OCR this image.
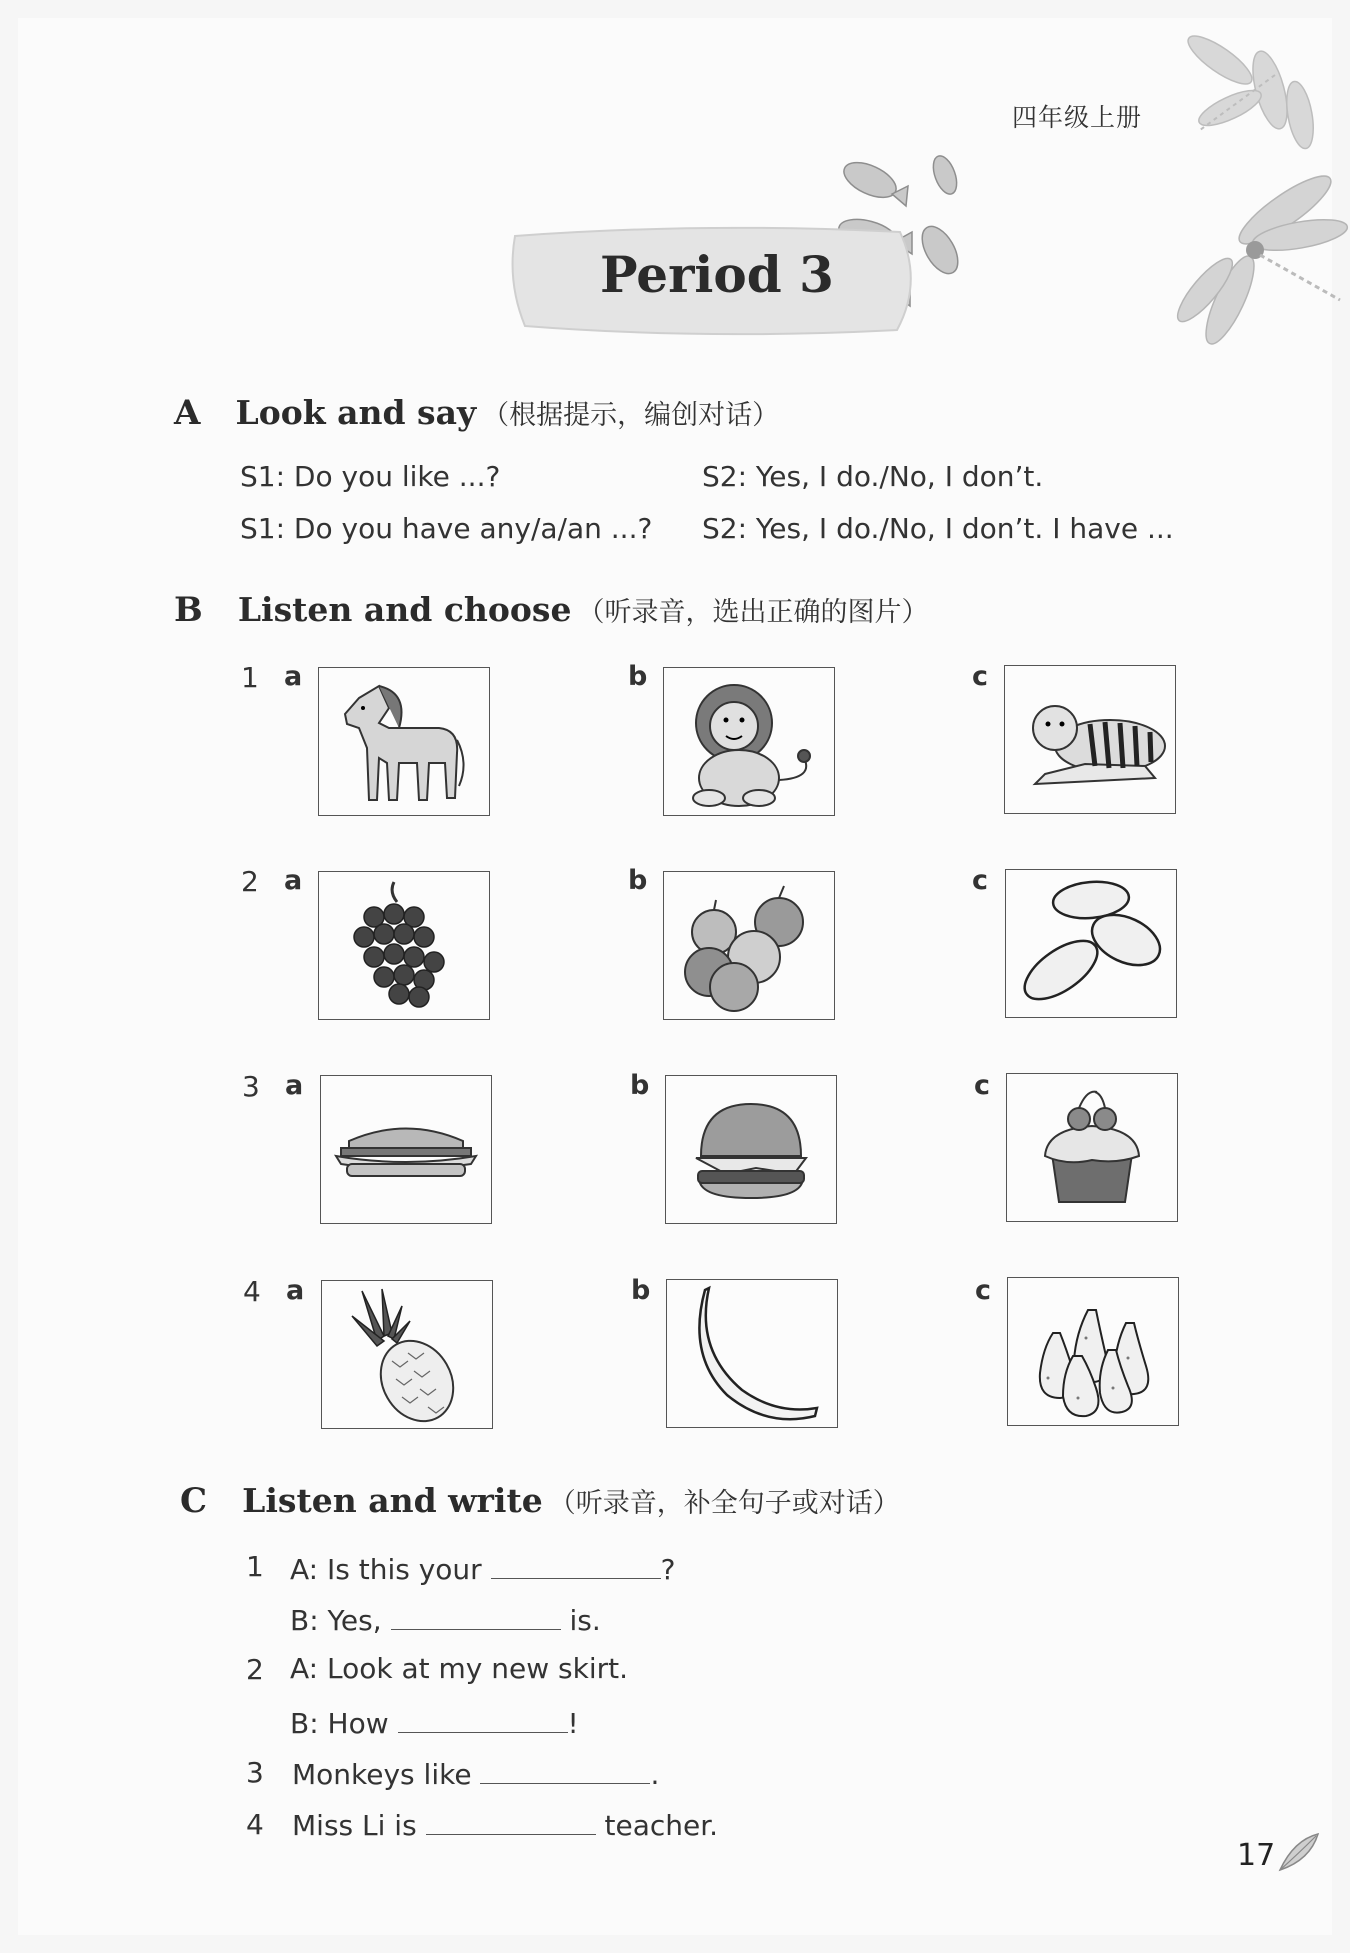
四年级上册
Period 3
A Look and say （根据提示，编创对话）
S1: Do you like ...?	S2: Yes, I do./No, I don’t.
S1: Do you have any/a/an ...? S2: Yes, I do./No, I don’t. I have ...
B Listen and choose （听录音，选出正确的图片）
1 a	b	c
2 a	b	c
3 a	b	c
4 a	b	c
C Listen and write （听录音，补全句子或对话）
1 A: Is this your	?
B: Yes,	is.
2 A: Look at my new skirt.
B: How	!
3 Monkeys like	.
4 Miss Li is	teacher.
17
